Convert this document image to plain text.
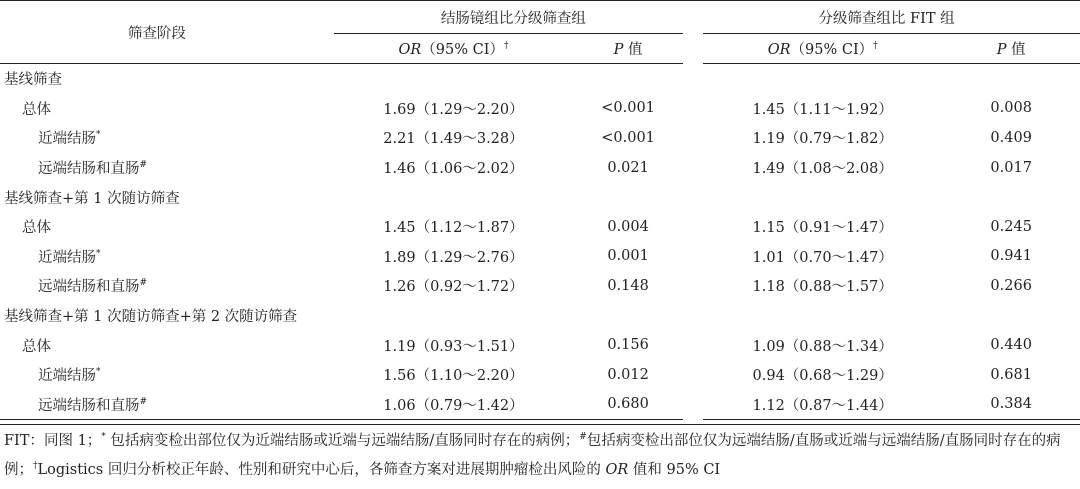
筛查阶段	结肠镜组比分级筛查组		分级筛查组比 FIT 组	
	OR（95% CI）†	P 值	OR（95% CI）†	P 值
基线筛查				
总体	1.69（1.29～2.20）	<0.001	1.45（1.11～1.92）	0.008
近端结肠*	2.21（1.49～3.28）	<0.001	1.19（0.79～1.82）	0.409
远端结肠和直肠#	1.46（1.06～2.02）	0.021	1.49（1.08～2.08）	0.017
基线筛查+第 1 次随访筛查				
总体	1.45（1.12～1.87）	0.004	1.15（0.91～1.47）	0.245
近端结肠*	1.89（1.29～2.76）	0.001	1.01（0.70～1.47）	0.941
远端结肠和直肠#	1.26（0.92～1.72）	0.148	1.18（0.88～1.57）	0.266
基线筛查+第 1 次随访筛查+第 2 次随访筛查				
总体	1.19（0.93～1.51）	0.156	1.09（0.88～1.34）	0.440
近端结肠*	1.56（1.10～2.20）	0.012	0.94（0.68～1.29）	0.681
远端结肠和直肠#	1.06（0.79～1.42）	0.680	1.12（0.87～1.44）	0.384
FIT：同图 1；* 包括病变检出部位仅为近端结肠或近端与远端结肠/直肠同时存在的病例；#包括病变检出部位仅为远端结肠/直肠或近端与远端结肠/直肠同时存在的病例；†Logistics 回归分析校正年龄、性别和研究中心后，各筛查方案对进展期肿瘤检出风险的 OR 值和 95% CI
